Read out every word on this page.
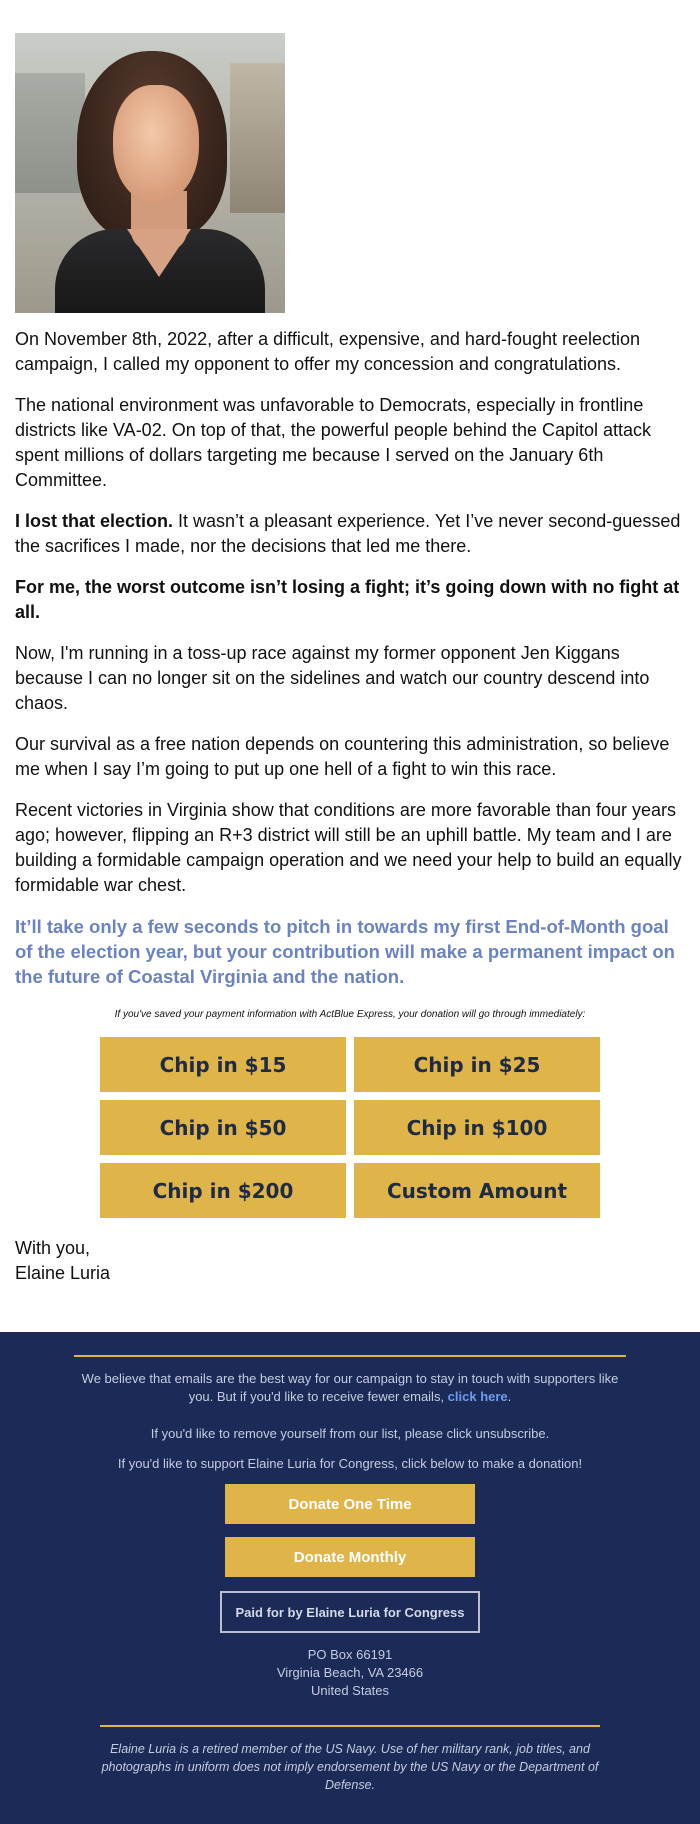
On November 8th, 2022, after a difficult, expensive, and hard-fought reelection campaign, I called my opponent to offer my concession and congratulations.

The national environment was unfavorable to Democrats, especially in frontline districts like VA-02. On top of that, the powerful people behind the Capitol attack spent millions of dollars targeting me because I served on the January 6th Committee.

I lost that election. It wasn’t a pleasant experience. Yet I’ve never second-guessed the sacrifices I made, nor the decisions that led me there.

For me, the worst outcome isn’t losing a fight; it’s going down with no fight at all.

Now, I'm running in a toss-up race against my former opponent Jen Kiggans because I can no longer sit on the sidelines and watch our country descend into chaos.

Our survival as a free nation depends on countering this administration, so believe me when I say I’m going to put up one hell of a fight to win this race.

Recent victories in Virginia show that conditions are more favorable than four years ago; however, flipping an R+3 district will still be an uphill battle. My team and I are building a formidable campaign operation and we need your help to build an equally formidable war chest.

It’ll take only a few seconds to pitch in towards my first End-of-Month goal of the election year, but your contribution will make a permanent impact on the future of Coastal Virginia and the nation.

If you've saved your payment information with ActBlue Express, your donation will go through immediately:

Chip in $15	Chip in $25
Chip in $50	Chip in $100
Chip in $200	Custom Amount
With you,
Elaine Luria

We believe that emails are the best way for our campaign to stay in touch with supporters like you. But if you'd like to receive fewer emails, click here.

If you'd like to remove yourself from our list, please click unsubscribe.

If you'd like to support Elaine Luria for Congress, click below to make a donation!

Donate One Time
Donate Monthly
Paid for by Elaine Luria for Congress
PO Box 66191
Virginia Beach, VA 23466
United States

Elaine Luria is a retired member of the US Navy. Use of her military rank, job titles, and photographs in uniform does not imply endorsement by the US Navy or the Department of Defense.
